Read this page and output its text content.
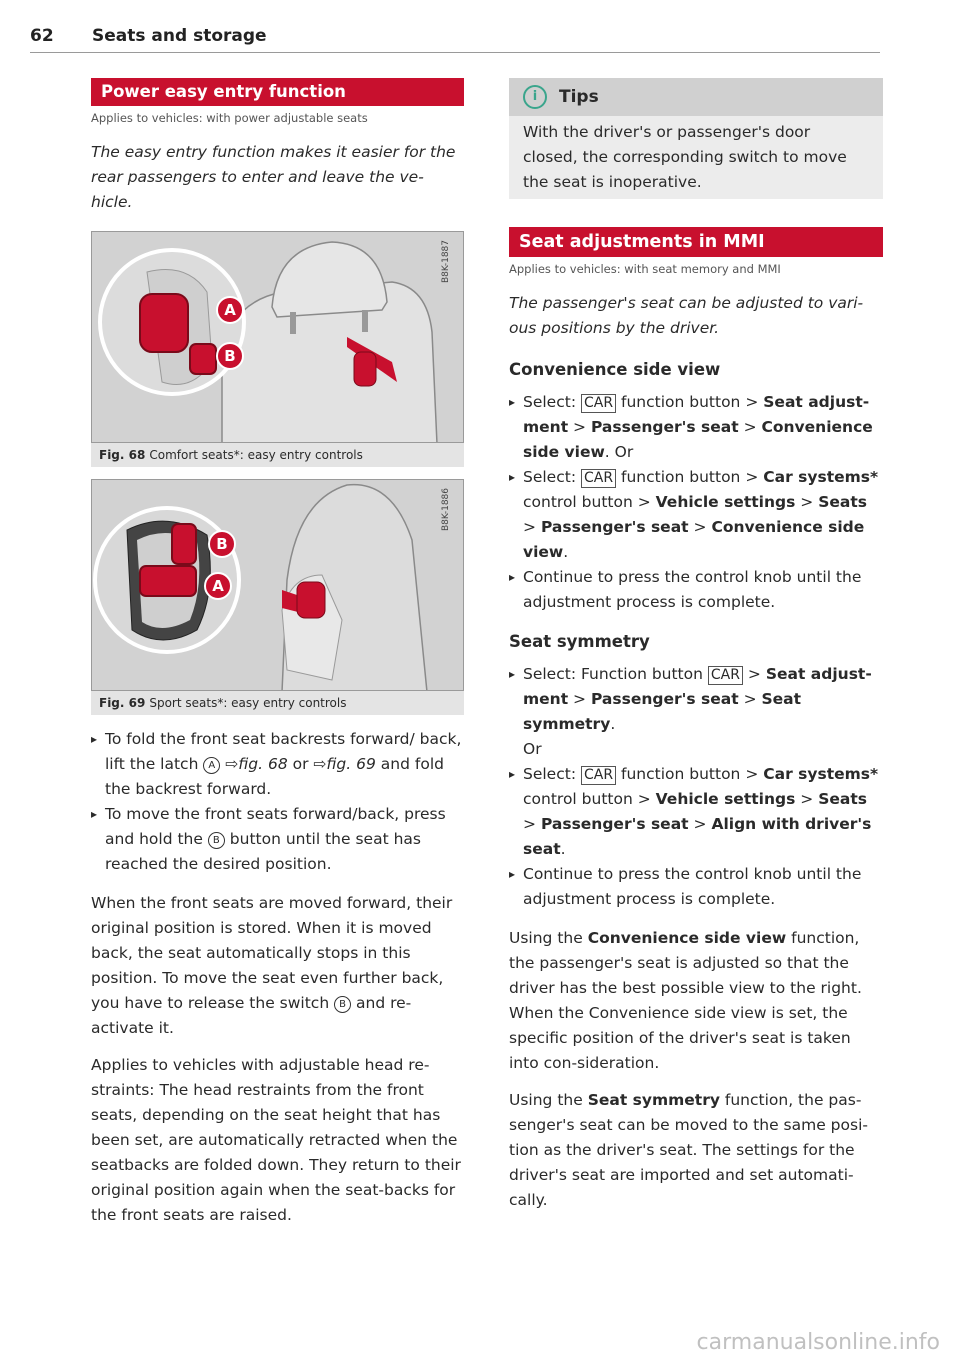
62 Seats and storage
Power easy entry function
Applies to vehicles: with power adjustable seats
The easy entry function makes it easier for the rear passengers to enter and leave the ve-hicle.
B8K-1887
A
B
Fig. 68 Comfort seats*: easy entry controls
B8K-1886
B
A
Fig. 69 Sport seats*: easy entry controls
▸ To fold the front seat backrests forward/ back, lift the latch A ⇨fig. 68 or ⇨fig. 69 and fold the backrest forward.
▸ To move the front seats forward/back, press and hold the B button until the seat has reached the desired position.

When the front seats are moved forward, their original position is stored. When it is moved back, the seat automatically stops in this position. To move the seat even further back, you have to release the switch B and re-activate it.

Applies to vehicles with adjustable head re-straints: The head restraints from the front seats, depending on the seat height that has been set, are automatically retracted when the seatbacks are folded down. They return to their original position again when the seat-backs for the front seats are raised.

i	Tips
With the driver's or passenger's door closed, the corresponding switch to move the seat is inoperative.
Seat adjustments in MMI
Applies to vehicles: with seat memory and MMI
The passenger's seat can be adjusted to vari-ous positions by the driver.
Convenience side view
▸ Select: CAR function button > Seat adjust-ment > Passenger's seat > Convenience side view. Or
▸ Select: CAR function button > Car systems* control button > Vehicle settings > Seats > Passenger's seat > Convenience side view.
▸ Continue to press the control knob until the adjustment process is complete.
Seat symmetry
▸ Select: Function button CAR > Seat adjust-ment > Passenger's seat > Seat symmetry.
Or
▸ Select: CAR function button > Car systems* control button > Vehicle settings > Seats > Passenger's seat > Align with driver's seat.
▸ Continue to press the control knob until the adjustment process is complete.

Using the Convenience side view function, the passenger's seat is adjusted so that the driver has the best possible view to the right. When the Convenience side view is set, the specific position of the driver's seat is taken into con-sideration.

Using the Seat symmetry function, the pas-senger's seat can be moved to the same posi-tion as the driver's seat. The settings for the driver's seat are imported and set automati-cally.

carmanualsonline.info
